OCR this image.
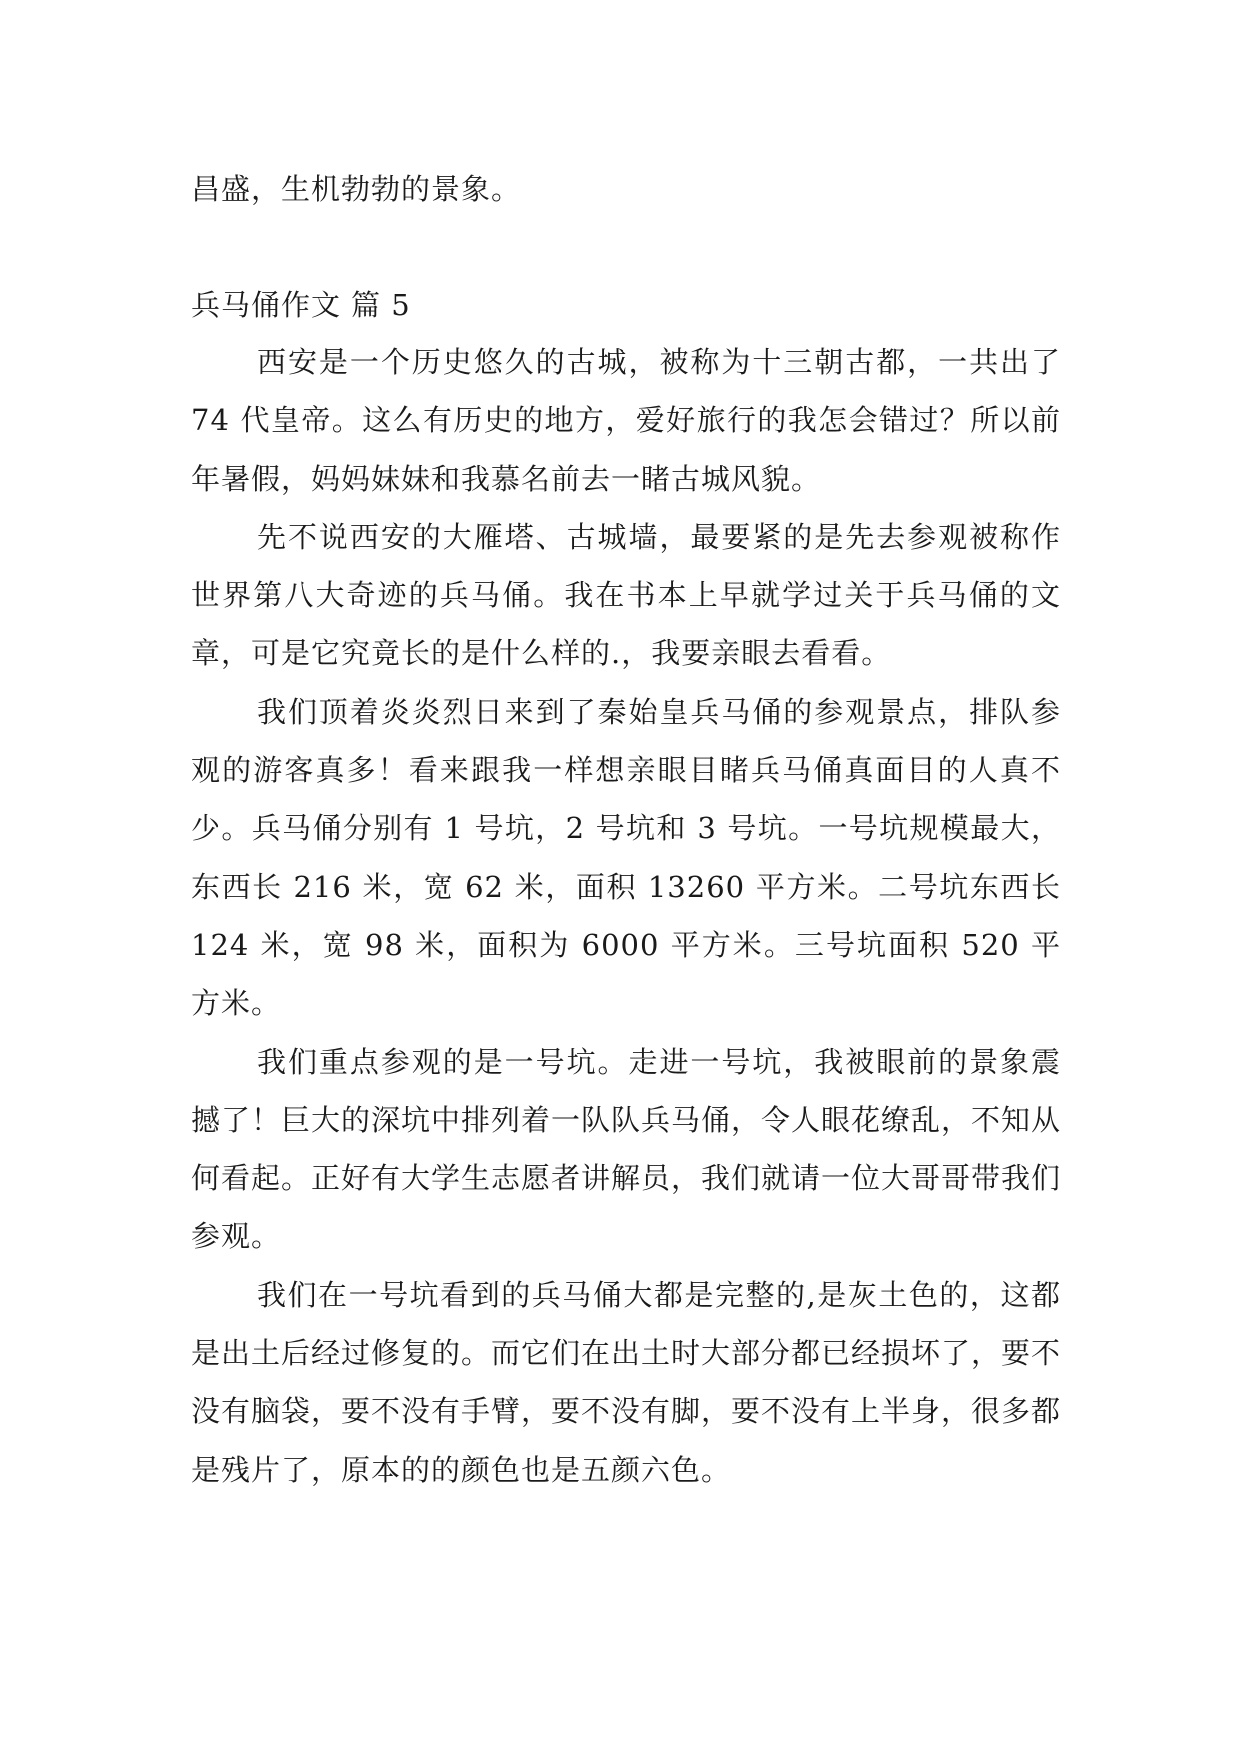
昌盛，生机勃勃的景象。
兵马俑作文 篇 5

西安是一个历史悠久的古城，被称为十三朝古都，一共出了 74 代皇帝。这么有历史的地方，爱好旅行的我怎会错过？所以前年暑假，妈妈妹妹和我慕名前去一睹古城风貌。

先不说西安的大雁塔、古城墙，最要紧的是先去参观被称作世界第八大奇迹的兵马俑。我在书本上早就学过关于兵马俑的文章，可是它究竟长的是什么样的.，我要亲眼去看看。

我们顶着炎炎烈日来到了秦始皇兵马俑的参观景点，排队参观的游客真多！看来跟我一样想亲眼目睹兵马俑真面目的人真不少。兵马俑分别有 1 号坑，2 号坑和 3 号坑。一号坑规模最大，东西长 216 米，宽 62 米，面积 13260 平方米。二号坑东西长 124 米，宽 98 米，面积为 6000 平方米。三号坑面积 520 平方米。

我们重点参观的是一号坑。走进一号坑，我被眼前的景象震撼了！巨大的深坑中排列着一队队兵马俑，令人眼花缭乱，不知从何看起。正好有大学生志愿者讲解员，我们就请一位大哥哥带我们参观。

我们在一号坑看到的兵马俑大都是完整的,是灰土色的，这都是出土后经过修复的。而它们在出土时大部分都已经损坏了，要不没有脑袋，要不没有手臂，要不没有脚，要不没有上半身，很多都是残片了，原本的的颜色也是五颜六色。
